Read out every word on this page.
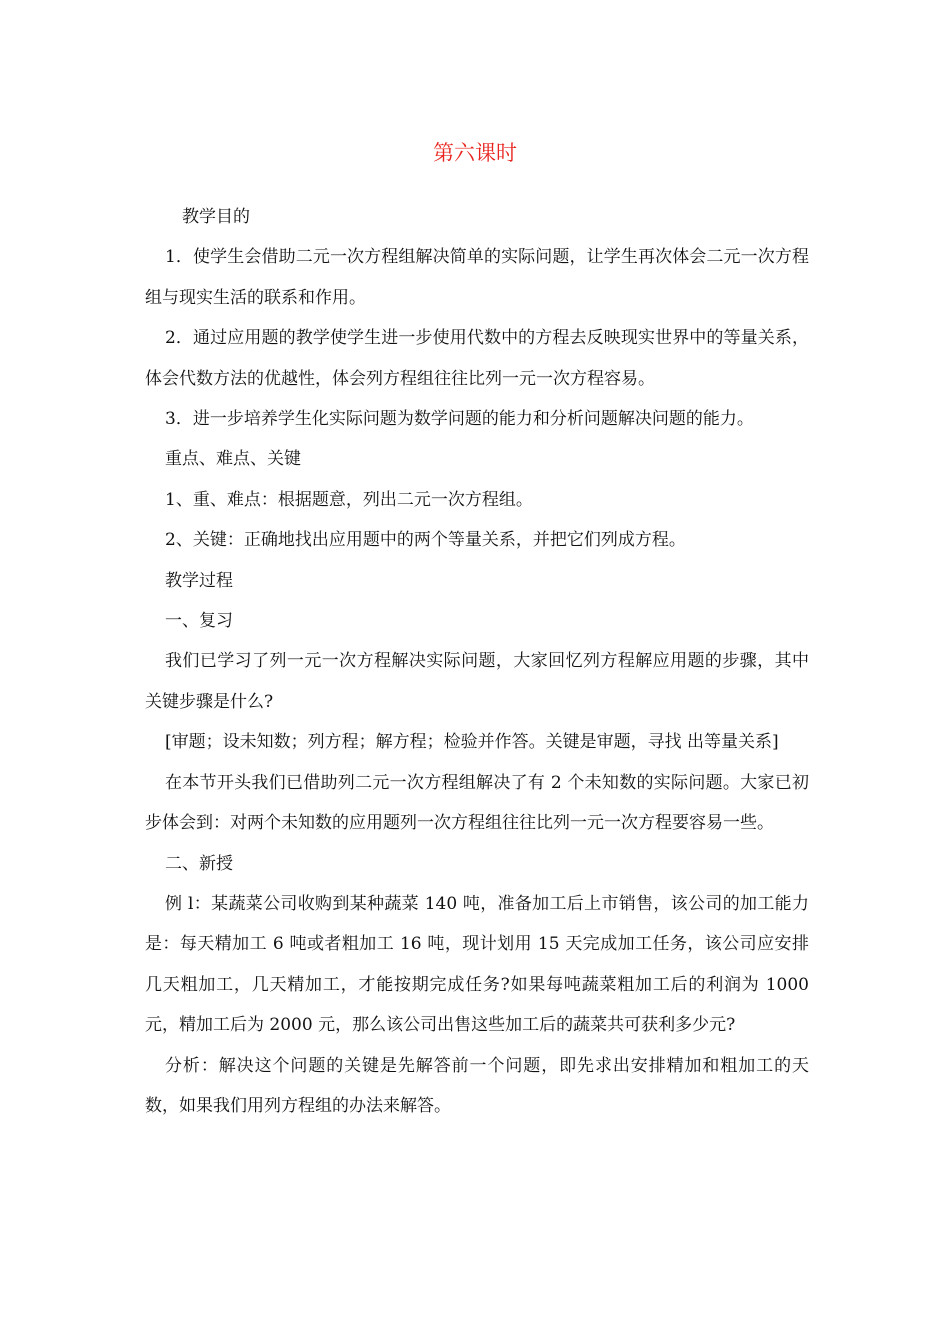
第六课时

教学目的

1．使学生会借助二元一次方程组解决简单的实际问题，让学生再次体会二元一次方程组与现实生活的联系和作用。

2．通过应用题的教学使学生进一步使用代数中的方程去反映现实世界中的等量关系，体会代数方法的优越性，体会列方程组往往比列一元一次方程容易。

3．进一步培养学生化实际问题为数学问题的能力和分析问题解决问题的能力。

重点、难点、关键

1、重、难点：根据题意，列出二元一次方程组。

2、关键：正确地找出应用题中的两个等量关系，并把它们列成方程。

教学过程

一、复习

我们已学习了列一元一次方程解决实际问题，大家回忆列方程解应用题的步骤，其中关键步骤是什么?

[审题；设未知数；列方程；解方程；检验并作答。关键是审题，寻找 出等量关系]

在本节开头我们已借助列二元一次方程组解决了有 2 个未知数的实际问题。大家已初步体会到：对两个未知数的应用题列一次方程组往往比列一元一次方程要容易一些。

二、新授

例 l：某蔬菜公司收购到某种蔬菜 140 吨，准备加工后上市销售，该公司的加工能力是：每天精加工 6 吨或者粗加工 16 吨，现计划用 15 天完成加工任务，该公司应安排几天粗加工，几天精加工，才能按期完成任务?如果每吨蔬菜粗加工后的利润为 1000 元，精加工后为 2000 元，那么该公司出售这些加工后的蔬菜共可获利多少元?

分析：解决这个问题的关键是先解答前一个问题，即先求出安排精加和粗加工的天数，如果我们用列方程组的办法来解答。
